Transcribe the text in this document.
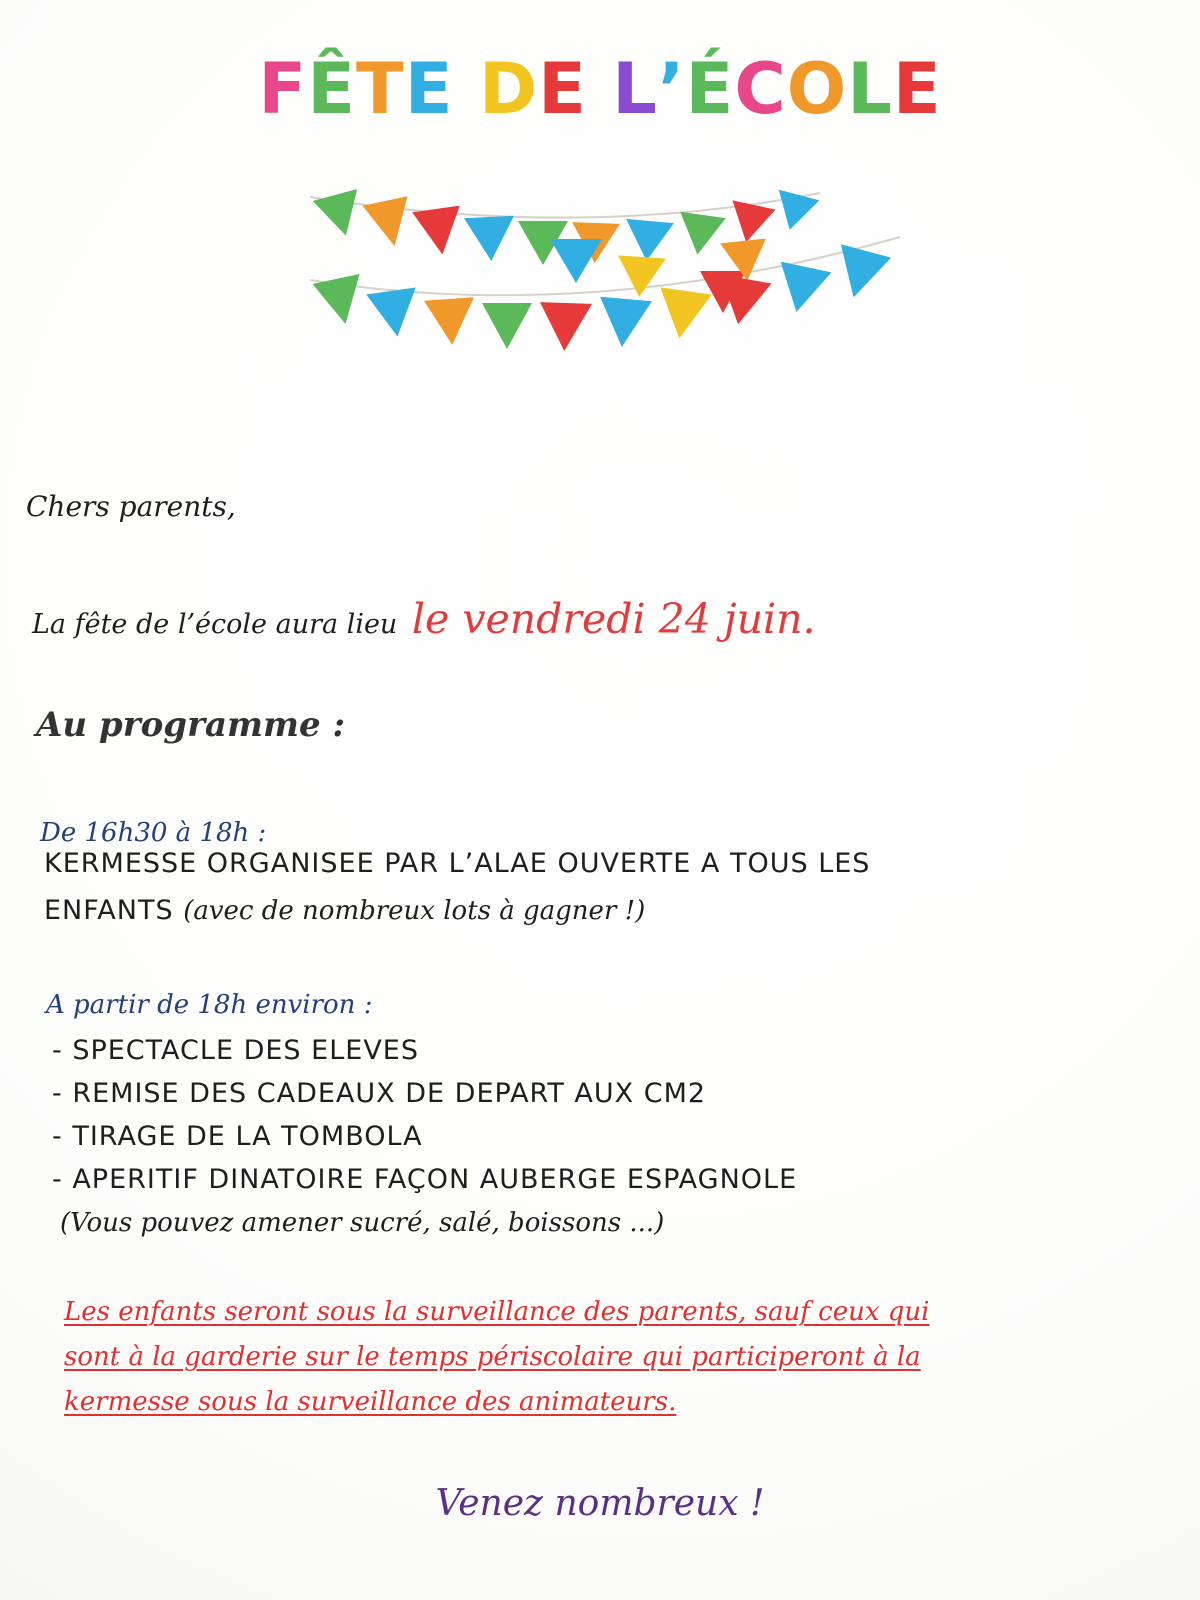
FÊTE DE L’ÉCOLE
Chers parents,
La fête de l’école aura lieu le vendredi 24 juin.
Au programme :
De 16h30 à 18h :
KERMESSE ORGANISEE PAR L’ALAE OUVERTE A TOUS LES
ENFANTS (avec de nombreux lots à gagner !)
A partir de 18h environ :
- SPECTACLE DES ELEVES
- REMISE DES CADEAUX DE DEPART AUX CM2
- TIRAGE DE LA TOMBOLA
- APERITIF DINATOIRE FAÇON AUBERGE ESPAGNOLE
(Vous pouvez amener sucré, salé, boissons ...)
Les enfants seront sous la surveillance des parents, sauf ceux qui
sont à la garderie sur le temps périscolaire qui participeront à la
kermesse sous la surveillance des animateurs.
Venez nombreux !
